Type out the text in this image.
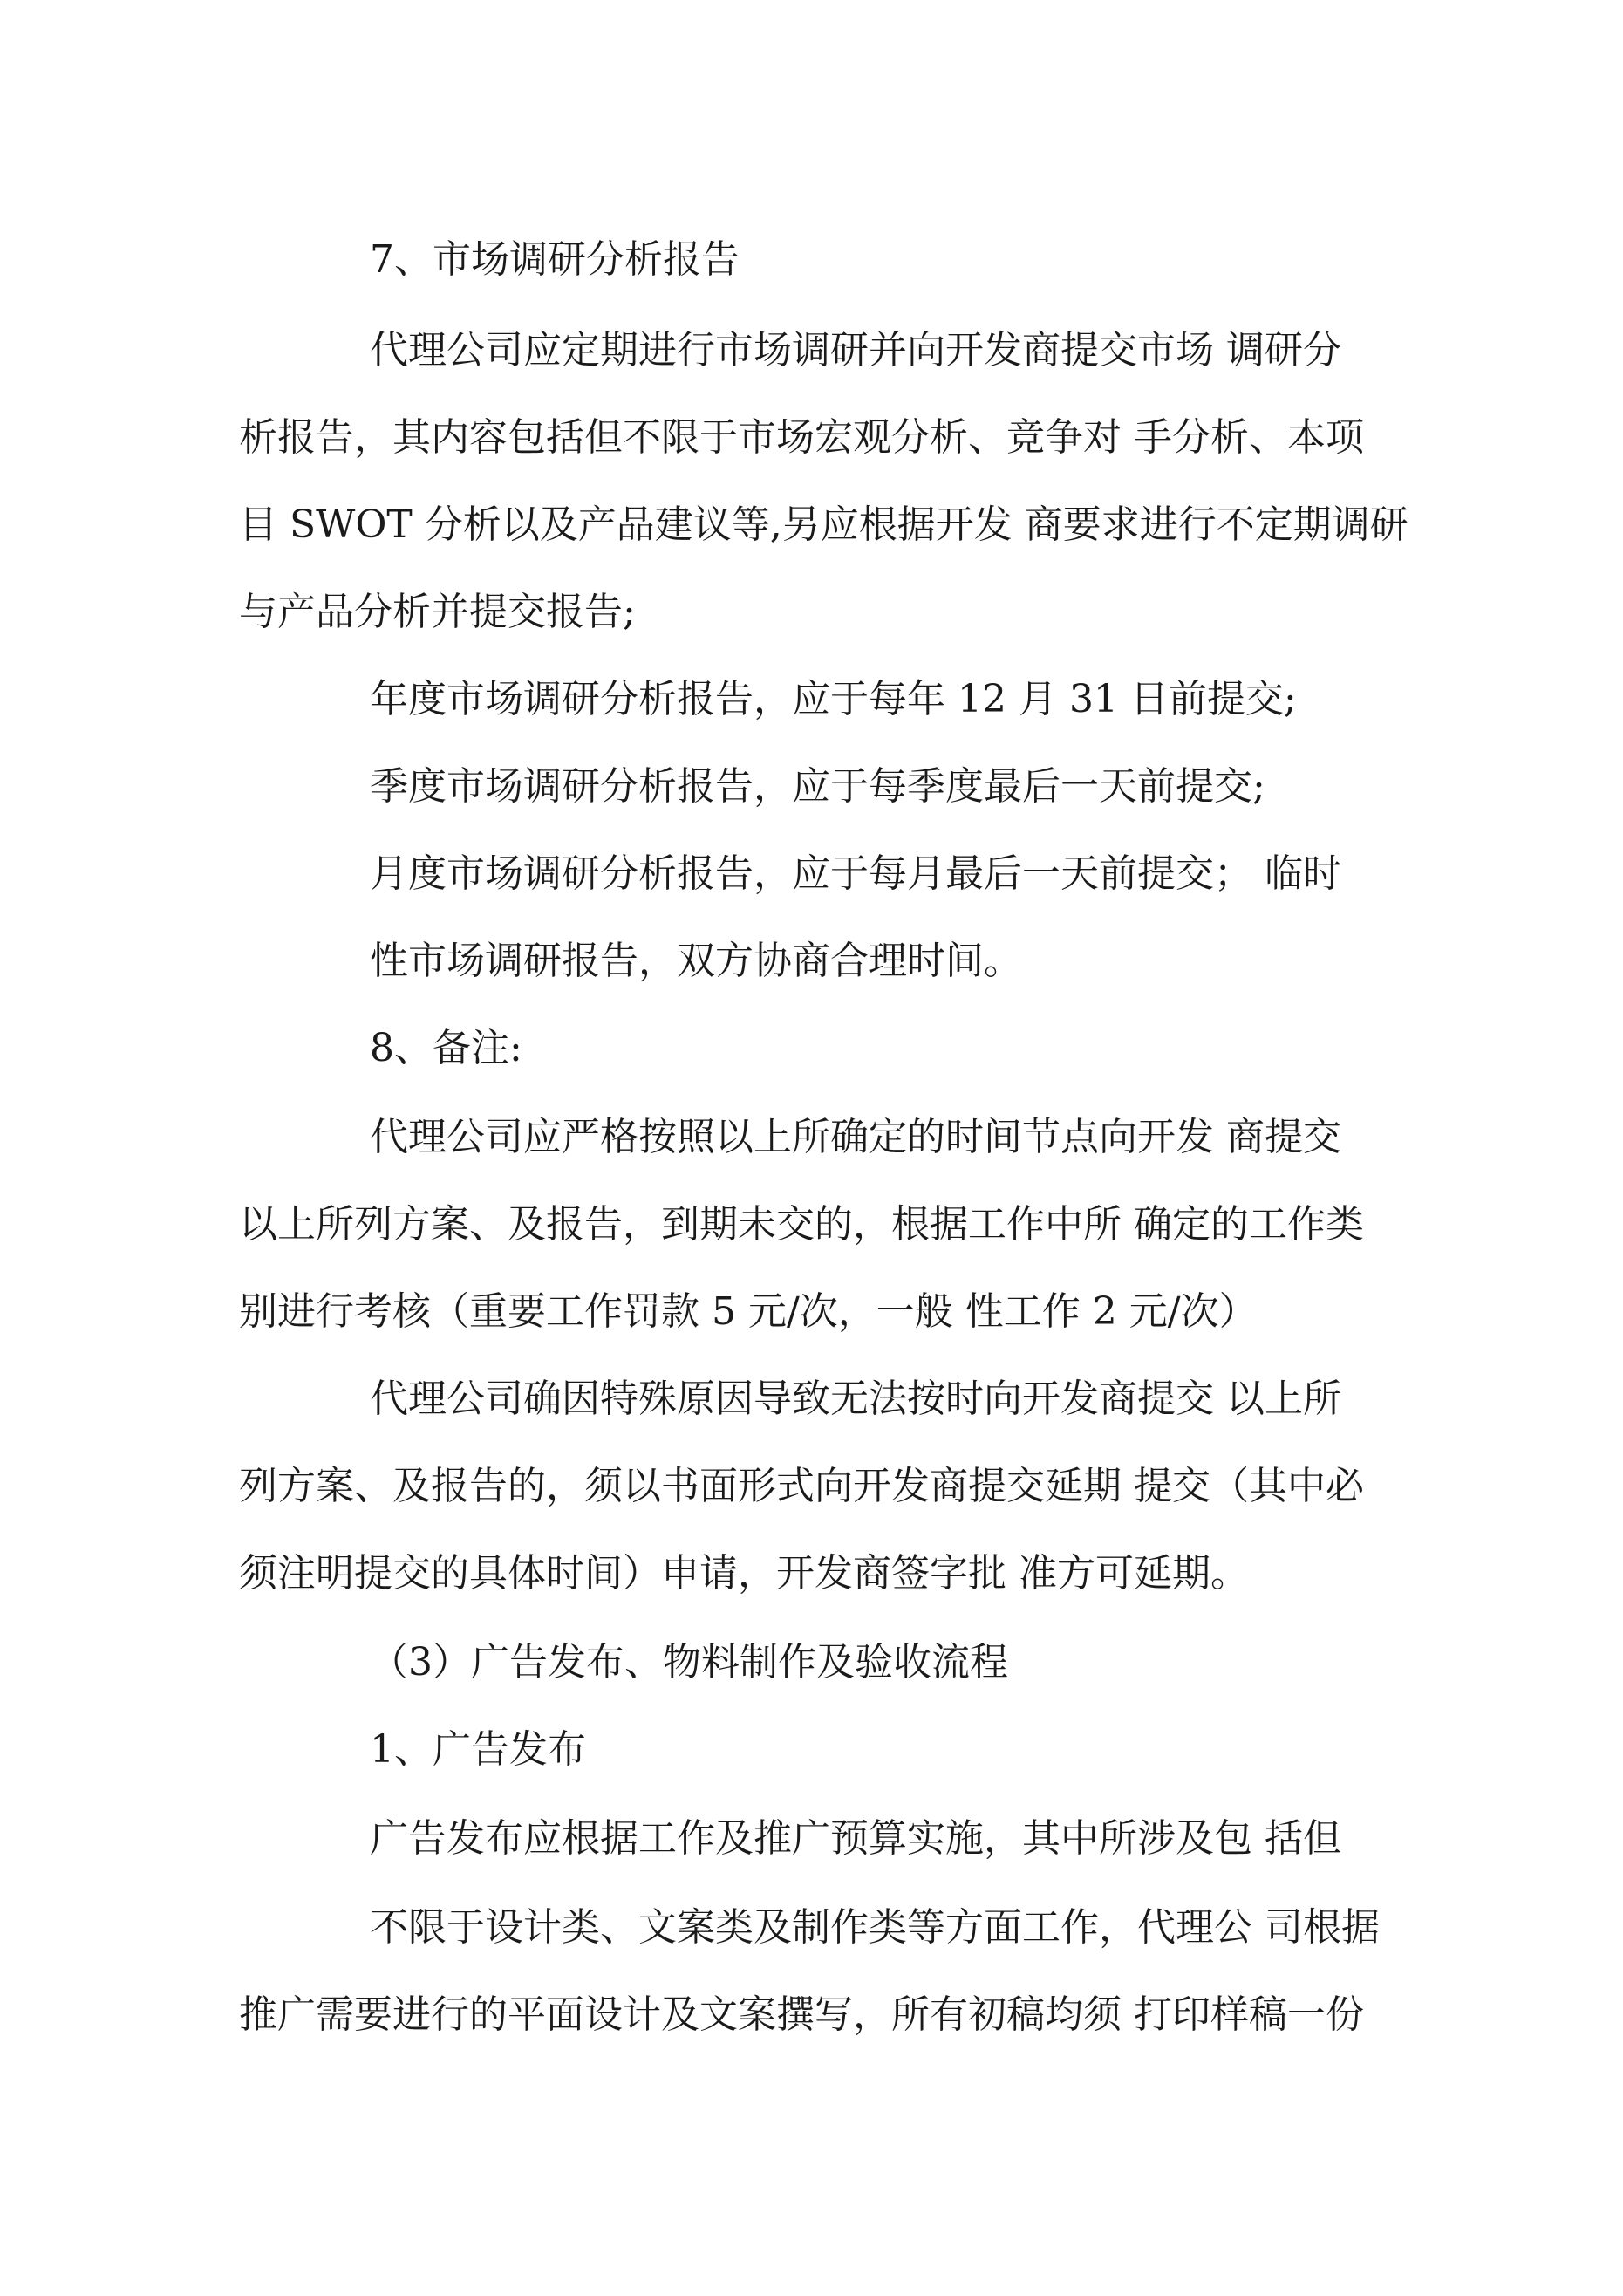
7、市场调研分析报告

代理公司应定期进行市场调研并向开发商提交市场 调研分

析报告，其内容包括但不限于市场宏观分析、竞争对 手分析、本项

目 SWOT 分析以及产品建议等,另应根据开发 商要求进行不定期调研

与产品分析并提交报告;

年度市场调研分析报告，应于每年 12 月 31 日前提交;

季度市场调研分析报告，应于每季度最后一天前提交;

月度市场调研分析报告，应于每月最后一天前提交； 临时

性市场调研报告，双方协商合理时间。

8、备注:

代理公司应严格按照以上所确定的时间节点向开发 商提交

以上所列方案、及报告，到期未交的，根据工作中所 确定的工作类

别进行考核（重要工作罚款 5 元/次，一般 性工作 2 元/次）

代理公司确因特殊原因导致无法按时向开发商提交 以上所

列方案、及报告的，须以书面形式向开发商提交延期 提交（其中必

须注明提交的具体时间）申请，开发商签字批 准方可延期。

（3）广告发布、物料制作及验收流程

1、广告发布

广告发布应根据工作及推广预算实施，其中所涉及包 括但

不限于设计类、文案类及制作类等方面工作，代理公 司根据

推广需要进行的平面设计及文案撰写，所有初稿均须 打印样稿一份
